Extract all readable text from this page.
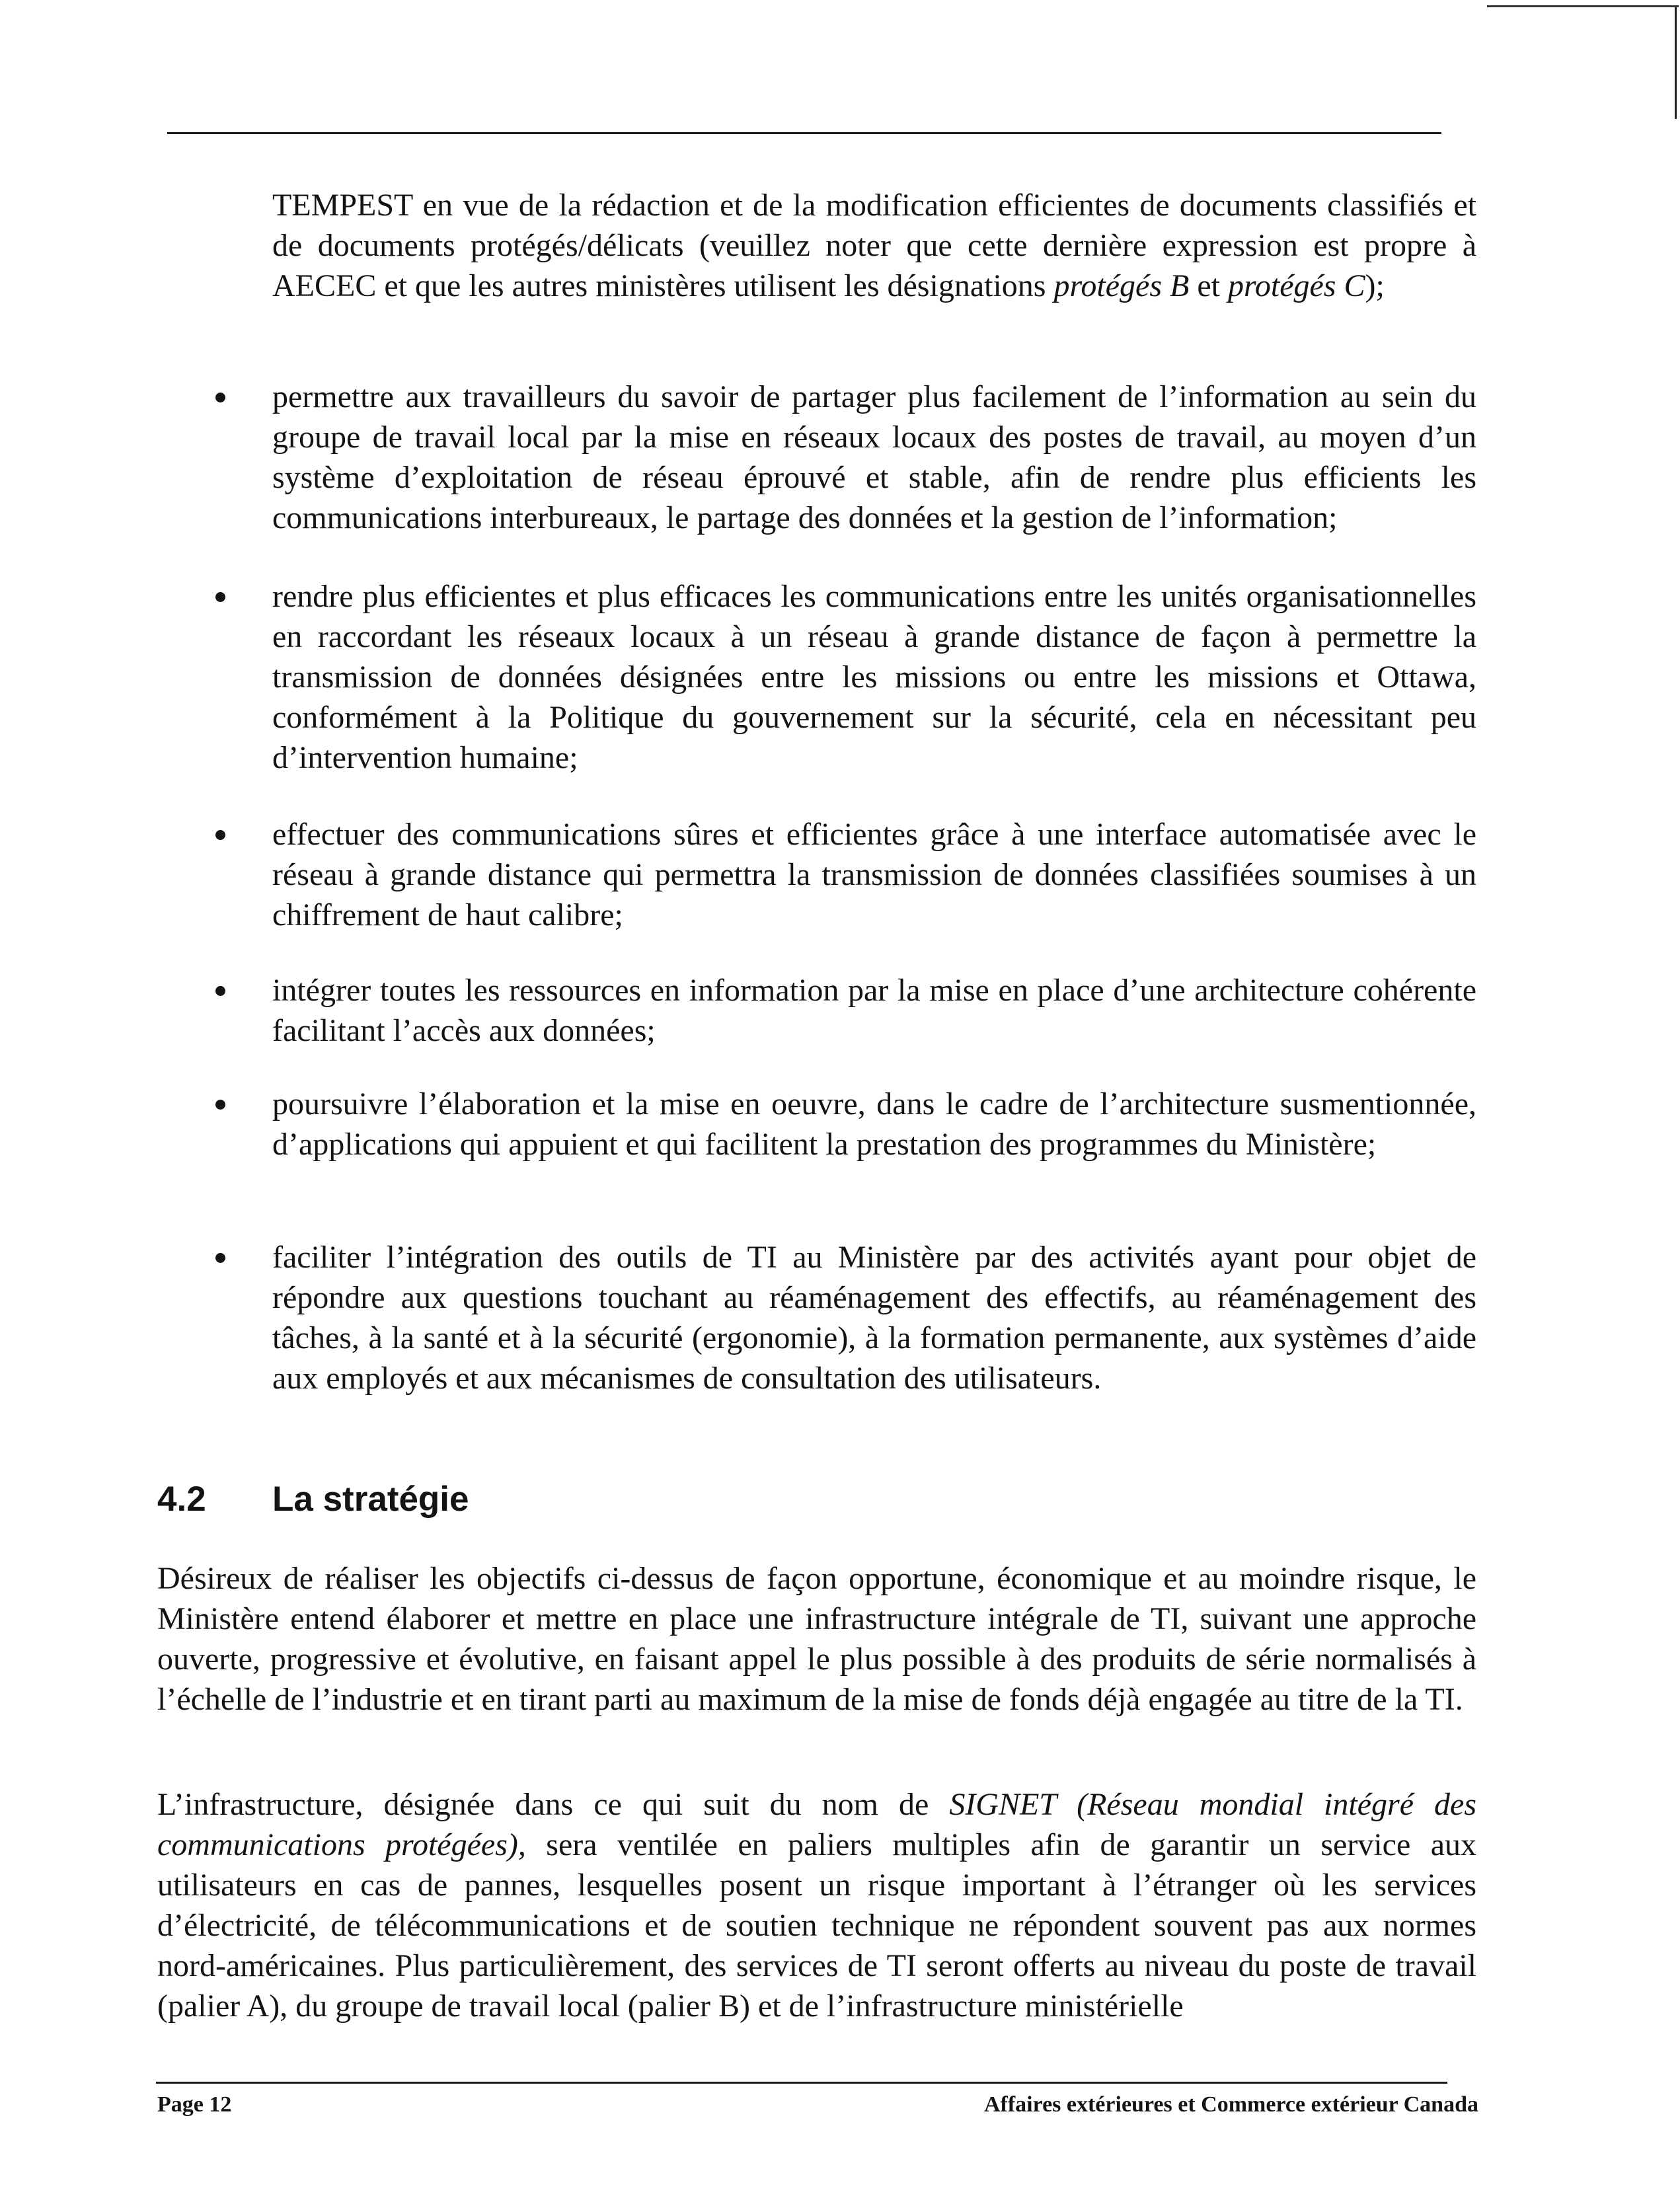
TEMPEST en vue de la rédaction et de la modification efficientes de documents classifiés et de documents protégés/délicats (veuillez noter que cette dernière expression est propre à AECEC et que les autres ministères utilisent les désignations protégés B et protégés C);

permettre aux travailleurs du savoir de partager plus facilement de l’information au sein du groupe de travail local par la mise en réseaux locaux des postes de travail, au moyen d’un système d’exploitation de réseau éprouvé et stable, afin de rendre plus efficients les communications interbureaux, le partage des données et la gestion de l’information;

rendre plus efficientes et plus efficaces les communications entre les unités organisationnelles en raccordant les réseaux locaux à un réseau à grande distance de façon à permettre la transmission de données désignées entre les missions ou entre les missions et Ottawa, conformément à la Politique du gouvernement sur la sécurité, cela en nécessitant peu d’intervention humaine;

effectuer des communications sûres et efficientes grâce à une interface automatisée avec le réseau à grande distance qui permettra la transmission de données classifiées soumises à un chiffrement de haut calibre;

intégrer toutes les ressources en information par la mise en place d’une architecture cohérente facilitant l’accès aux données;

poursuivre l’élaboration et la mise en oeuvre, dans le cadre de l’architecture susmentionnée, d’applications qui appuient et qui facilitent la prestation des programmes du Ministère;

faciliter l’intégration des outils de TI au Ministère par des activités ayant pour objet de répondre aux questions touchant au réaménagement des effectifs, au réaménagement des tâches, à la santé et à la sécurité (ergonomie), à la formation permanente, aux systèmes d’aide aux employés et aux mécanismes de consultation des utilisateurs.

4.2 La stratégie

Désireux de réaliser les objectifs ci-dessus de façon opportune, économique et au moindre risque, le Ministère entend élaborer et mettre en place une infrastructure intégrale de TI, suivant une approche ouverte, progressive et évolutive, en faisant appel le plus possible à des produits de série normalisés à l’échelle de l’industrie et en tirant parti au maximum de la mise de fonds déjà engagée au titre de la TI.

L’infrastructure, désignée dans ce qui suit du nom de SIGNET (Réseau mondial intégré des communications protégées), sera ventilée en paliers multiples afin de garantir un service aux utilisateurs en cas de pannes, lesquelles posent un risque important à l’étranger où les services d’électricité, de télécommunications et de soutien technique ne répondent souvent pas aux normes nord-américaines. Plus particulièrement, des services de TI seront offerts au niveau du poste de travail (palier A), du groupe de travail local (palier B) et de l’infrastructure ministérielle

Page 12	Affaires extérieures et Commerce extérieur Canada
